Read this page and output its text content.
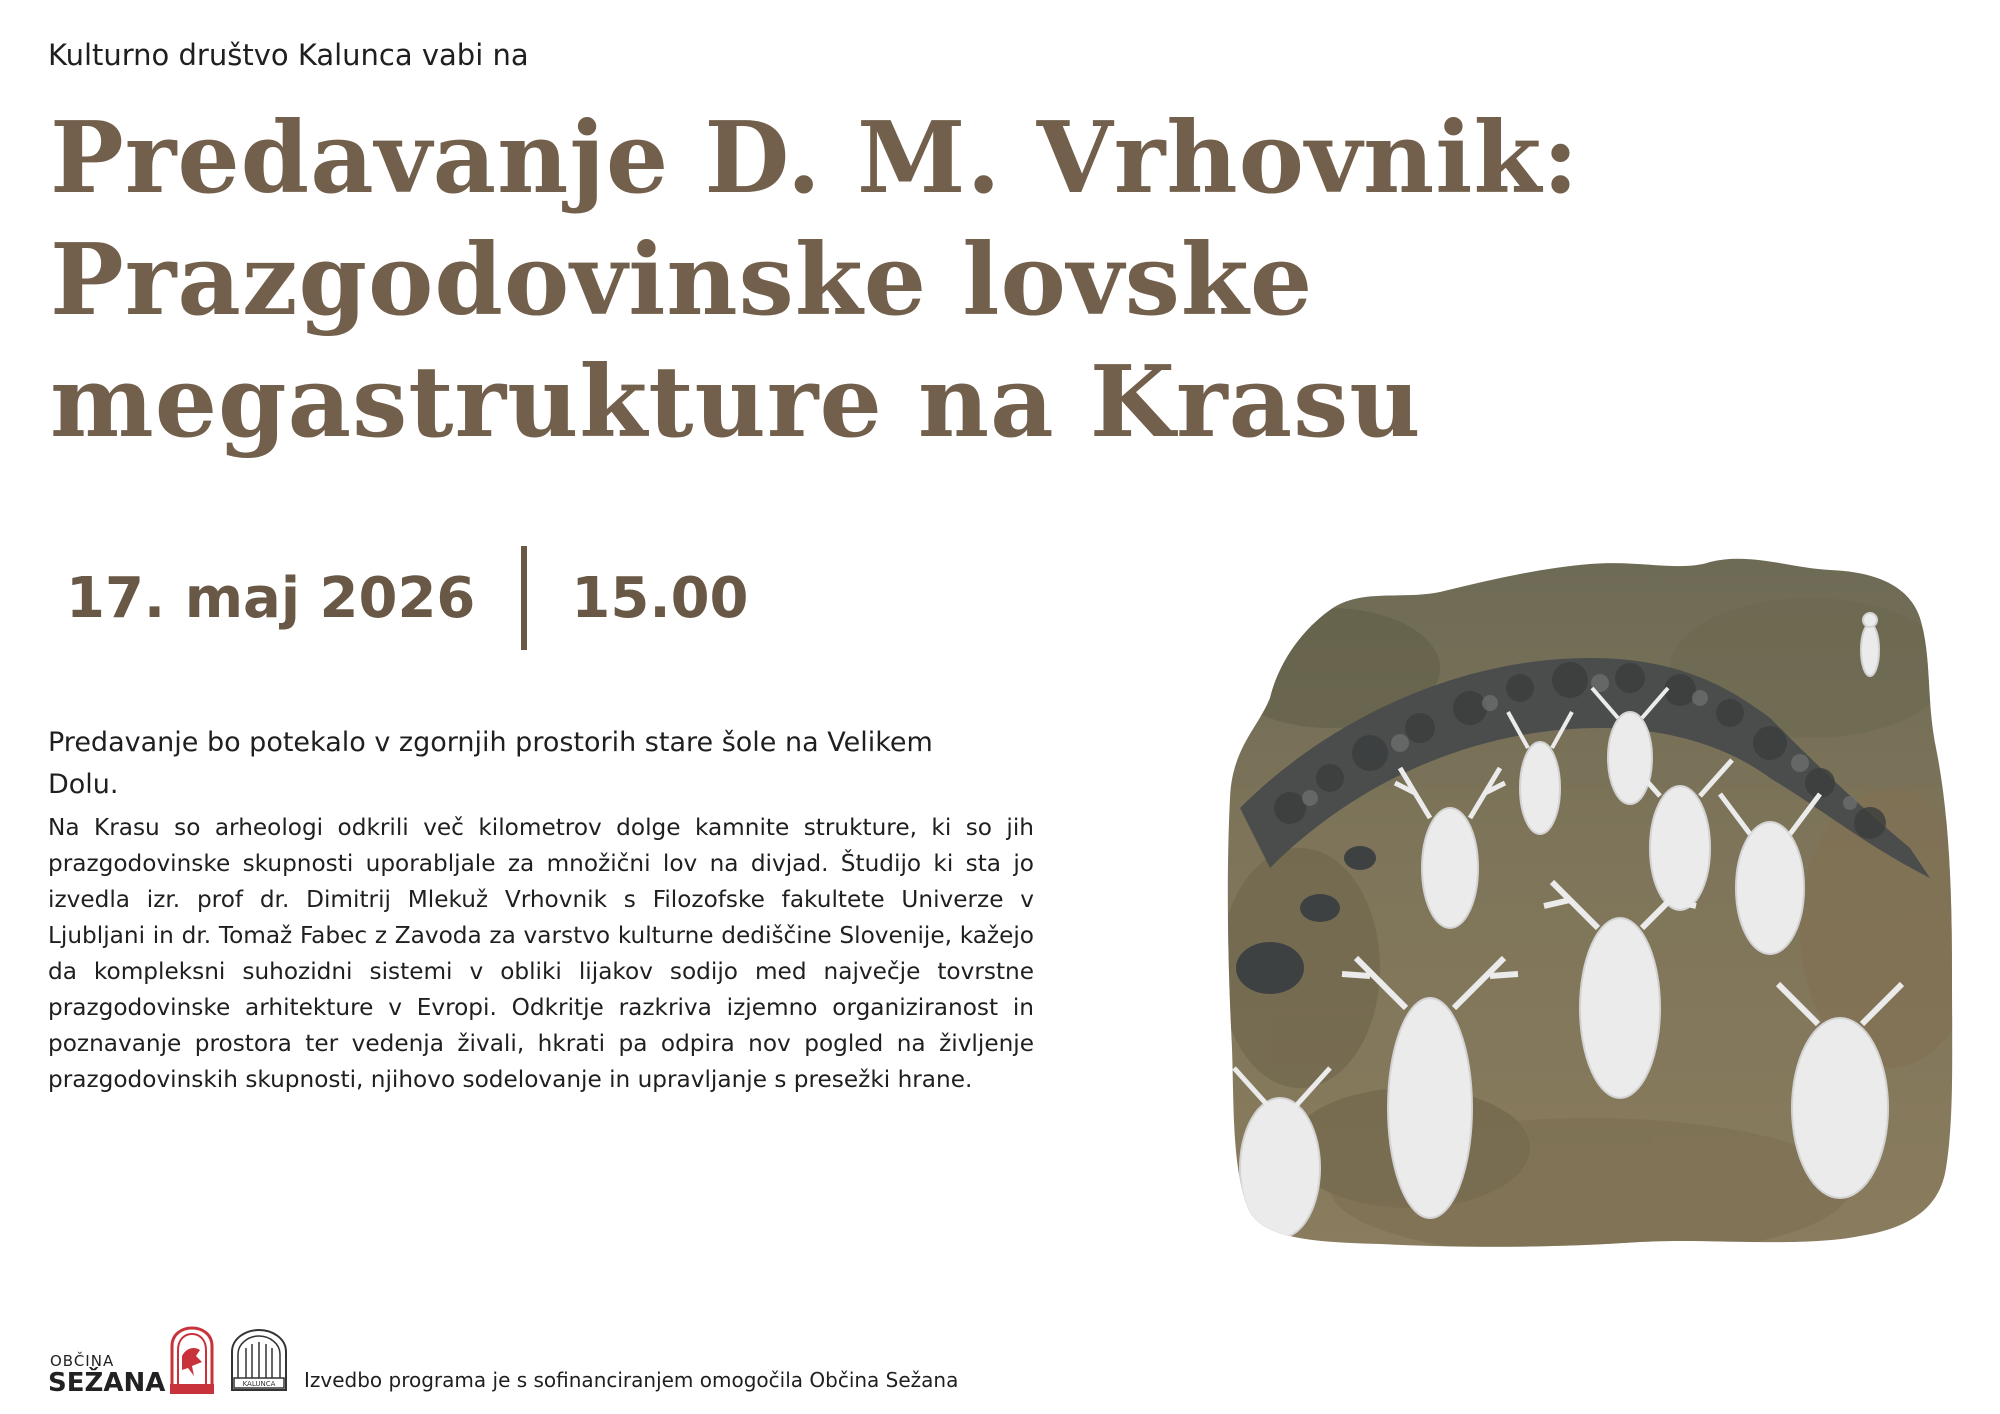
Kulturno društvo Kalunca vabi na
Predavanje D. M. Vrhovnik:
Prazgodovinske lovske
megastrukture na Krasu
17. maj 2026 15.00
Predavanje bo potekalo v zgornjih prostorih stare šole na Velikem Dolu.
Na Krasu so arheologi odkrili več kilometrov dolge kamnite strukture, ki so jih prazgodovinske skupnosti uporabljale za množični lov na divjad. Študijo ki sta jo izvedla izr. prof dr. Dimitrij Mlekuž Vrhovnik s Filozofske fakultete Univerze v Ljubljani in dr. Tomaž Fabec z Zavoda za varstvo kulturne dediščine Slovenije, kažejo da kompleksni suhozidni sistemi v obliki lijakov sodijo med največje tovrstne prazgodovinske arhitekture v Evropi. Odkritje razkriva izjemno organiziranost in poznavanje prostora ter vedenja živali, hkrati pa odpira nov pogled na življenje prazgodovinskih skupnosti, njihovo sodelovanje in upravljanje s presežki hrane.
OBČINA
SEŽANA	KALUNCA Izvedbo programa je s sofinanciranjem omogočila Občina Sežana
